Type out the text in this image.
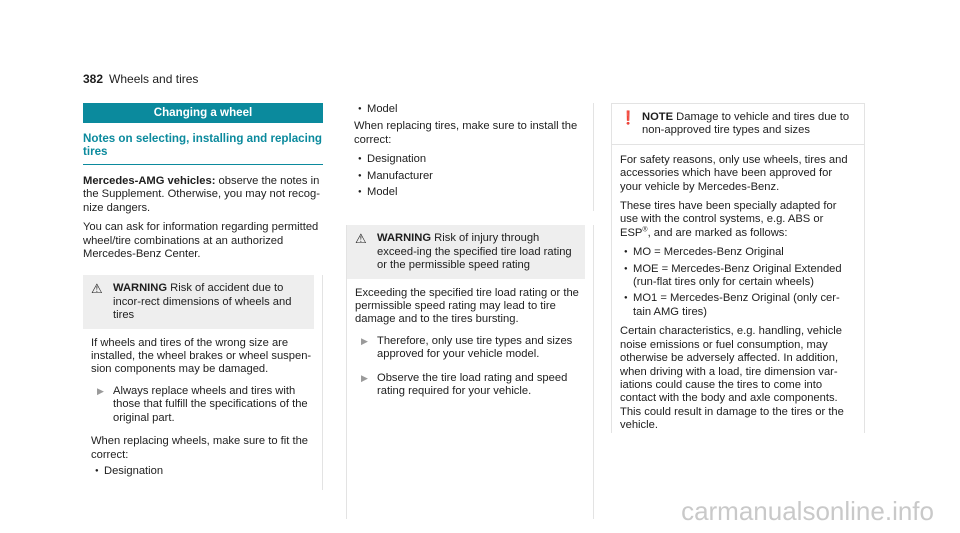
382 Wheels and tires
Changing a wheel
Notes on selecting, installing and replacing tires

Mercedes-AMG vehicles: observe the notes in the Supplement. Otherwise, you may not recog-nize dangers.

You can ask for information regarding permitted wheel/tire combinations at an authorized Mercedes-Benz Center.

⚠ WARNING Risk of accident due to incor-rect dimensions of wheels and tires

If wheels and tires of the wrong size are installed, the wheel brakes or wheel suspen-sion components may be damaged.

▶ Always replace wheels and tires with those that fulfill the specifications of the original part.

When replacing wheels, make sure to fit the correct:

● Designation
● Model

When replacing tires, make sure to install the correct:

● Designation
● Manufacturer
● Model
⚠ WARNING Risk of injury through exceed-ing the specified tire load rating or the permissible speed rating

Exceeding the specified tire load rating or the permissible speed rating may lead to tire damage and to the tires bursting.

▶ Therefore, only use tire types and sizes approved for your vehicle model.
▶ Observe the tire load rating and speed rating required for your vehicle.
❗ NOTE Damage to vehicle and tires due to non-approved tire types and sizes

For safety reasons, only use wheels, tires and accessories which have been approved for your vehicle by Mercedes-Benz.

These tires have been specially adapted for use with the control systems, e.g. ABS or ESP®, and are marked as follows:

● MO = Mercedes-Benz Original
● MOE = Mercedes-Benz Original Extended (run-flat tires only for certain wheels)
● MO1 = Mercedes-Benz Original (only cer-tain AMG tires)

Certain characteristics, e.g. handling, vehicle noise emissions or fuel consumption, may otherwise be adversely affected. In addition, when driving with a load, tire dimension var-iations could cause the tires to come into contact with the body and axle components. This could result in damage to the tires or the vehicle.

carmanualsonline.info
